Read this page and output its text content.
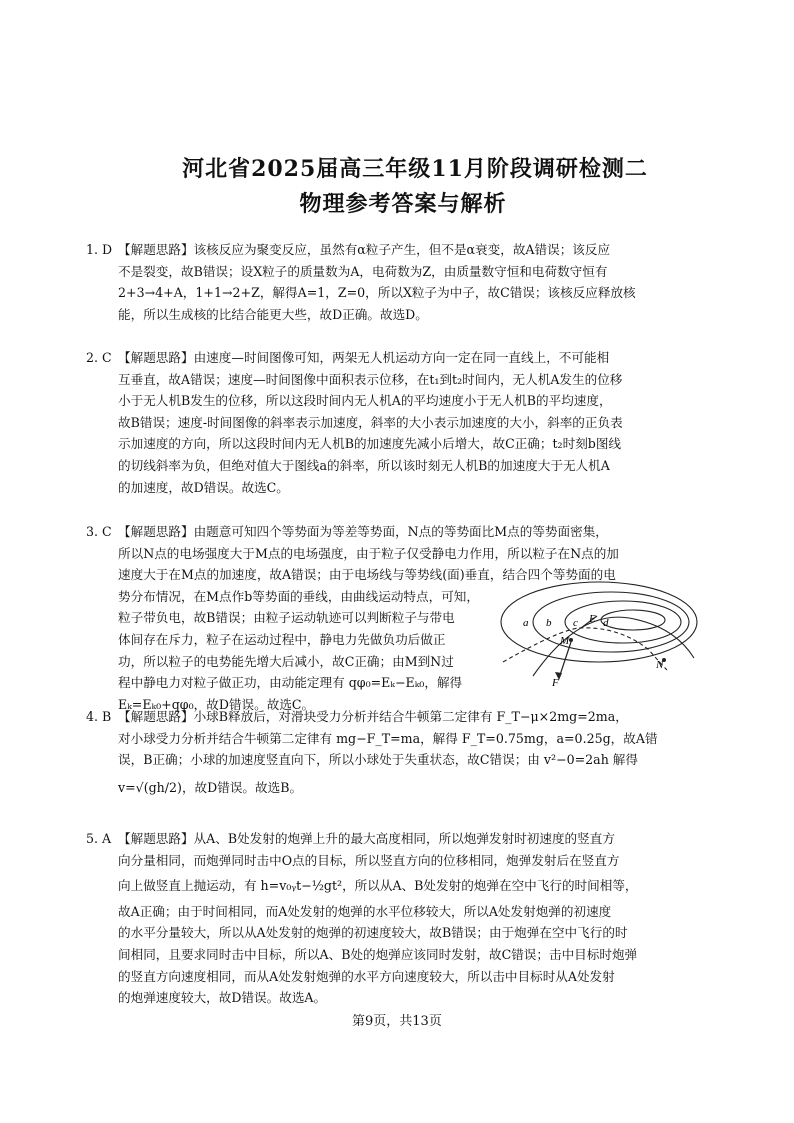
河北省2025届高三年级11月阶段调研检测二
物理参考答案与解析
1. D 【解题思路】该核反应为聚变反应，虽然有α粒子产生，但不是α衰变，故A错误；该反应

不是裂变，故B错误；设X粒子的质量数为A，电荷数为Z，由质量数守恒和电荷数守恒有

2+3→4+A，1+1→2+Z，解得A=1，Z=0，所以X粒子为中子，故C错误；该核反应释放核

能，所以生成核的比结合能更大些，故D正确。故选D。

2. C 【解题思路】由速度—时间图像可知，两架无人机运动方向一定在同一直线上，不可能相

互垂直，故A错误；速度—时间图像中面积表示位移，在t₁到t₂时间内，无人机A发生的位移

小于无人机B发生的位移，所以这段时间内无人机A的平均速度小于无人机B的平均速度，

故B错误；速度-时间图像的斜率表示加速度，斜率的大小表示加速度的大小，斜率的正负表

示加速度的方向，所以这段时间内无人机B的加速度先减小后增大，故C正确；t₂时刻b图线

的切线斜率为负，但绝对值大于图线a的斜率，所以该时刻无人机B的加速度大于无人机A

的加速度，故D错误。故选C。

3. C 【解题思路】由题意可知四个等势面为等差等势面，N点的等势面比M点的等势面密集，

所以N点的电场强度大于M点的电场强度，由于粒子仅受静电力作用，所以粒子在N点的加

速度大于在M点的加速度，故A错误；由于电场线与等势线(面)垂直，结合四个等势面的电

势分布情况，在M点作b等势面的垂线，由曲线运动特点，可知，

粒子带负电，故B错误；由粒子运动轨迹可以判断粒子与带电

体间存在斥力，粒子在运动过程中，静电力先做负功后做正

功，所以粒子的电势能先增大后减小，故C正确；由M到N过

程中静电力对粒子做正功，由动能定理有 qφ₀=Eₖ−Eₖ₀，解得

Eₖ=Eₖ₀+qφ₀，故D错误。故选C。

a b c E d
M
N
F
4. B 【解题思路】小球B释放后，对滑块受力分析并结合牛顿第二定律有 F_T−μ×2mg=2ma，

对小球受力分析并结合牛顿第二定律有 mg−F_T=ma，解得 F_T=0.75mg，a=0.25g，故A错

误，B正确；小球的加速度竖直向下，所以小球处于失重状态，故C错误；由 v²−0=2ah 解得

v=√(gh/2)，故D错误。故选B。

5. A 【解题思路】从A、B处发射的炮弹上升的最大高度相同，所以炮弹发射时初速度的竖直方

向分量相同，而炮弹同时击中O点的目标，所以竖直方向的位移相同，炮弹发射后在竖直方

向上做竖直上抛运动，有 h=v₀ᵧt−½gt²，所以从A、B处发射的炮弹在空中飞行的时间相等，

故A正确；由于时间相同，而A处发射的炮弹的水平位移较大，所以A处发射炮弹的初速度

的水平分量较大，所以从A处发射的炮弹的初速度较大，故B错误；由于炮弹在空中飞行的时

间相同，且要求同时击中目标，所以A、B处的炮弹应该同时发射，故C错误；击中目标时炮弹

的竖直方向速度相同，而从A处发射炮弹的水平方向速度较大，所以击中目标时从A处发射

的炮弹速度较大，故D错误。故选A。

第9页，共13页
